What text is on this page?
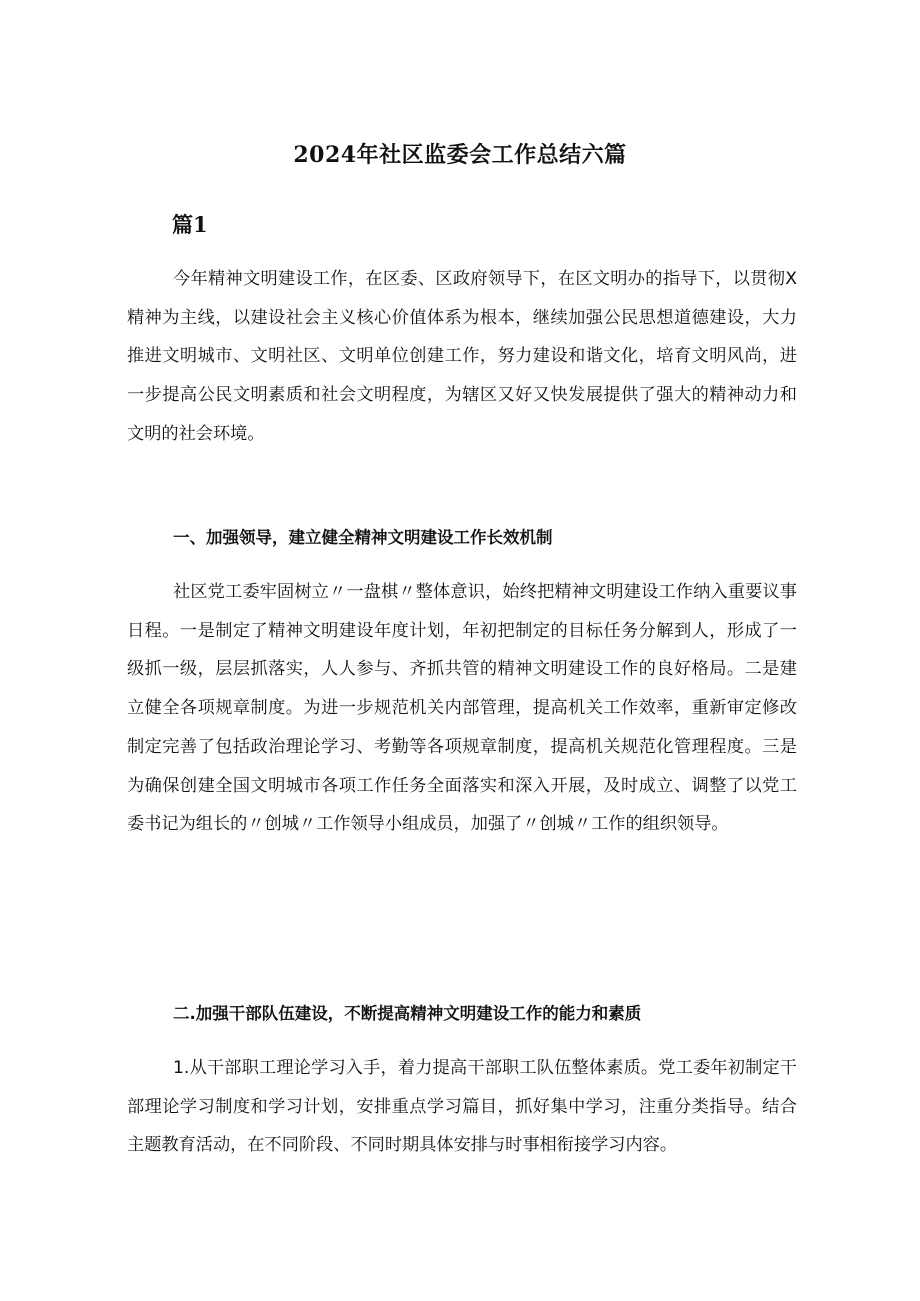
2024年社区监委会工作总结六篇
篇1

今年精神文明建设工作，在区委、区政府领导下，在区文明办的指导下，以贯彻X精神为主线，以建设社会主义核心价值体系为根本，继续加强公民思想道德建设，大力推进文明城市、文明社区、文明单位创建工作，努力建设和谐文化，培育文明风尚，进一步提高公民文明素质和社会文明程度，为辖区又好又快发展提供了强大的精神动力和文明的社会环境。

一、加强领导，建立健全精神文明建设工作长效机制

社区党工委牢固树立〃一盘棋〃整体意识，始终把精神文明建设工作纳入重要议事日程。一是制定了精神文明建设年度计划，年初把制定的目标任务分解到人，形成了一级抓一级，层层抓落实，人人参与、齐抓共管的精神文明建设工作的良好格局。二是建立健全各项规章制度。为进一步规范机关内部管理，提高机关工作效率，重新审定修改制定完善了包括政治理论学习、考勤等各项规章制度，提高机关规范化管理程度。三是为确保创建全国文明城市各项工作任务全面落实和深入开展，及时成立、调整了以党工委书记为组长的〃创城〃工作领导小组成员，加强了〃创城〃工作的组织领导。

二.加强干部队伍建设，不断提高精神文明建设工作的能力和素质

1.从干部职工理论学习入手，着力提高干部职工队伍整体素质。党工委年初制定干部理论学习制度和学习计划，安排重点学习篇目，抓好集中学习，注重分类指导。结合主题教育活动，在不同阶段、不同时期具体安排与时事相衔接学习内容。
